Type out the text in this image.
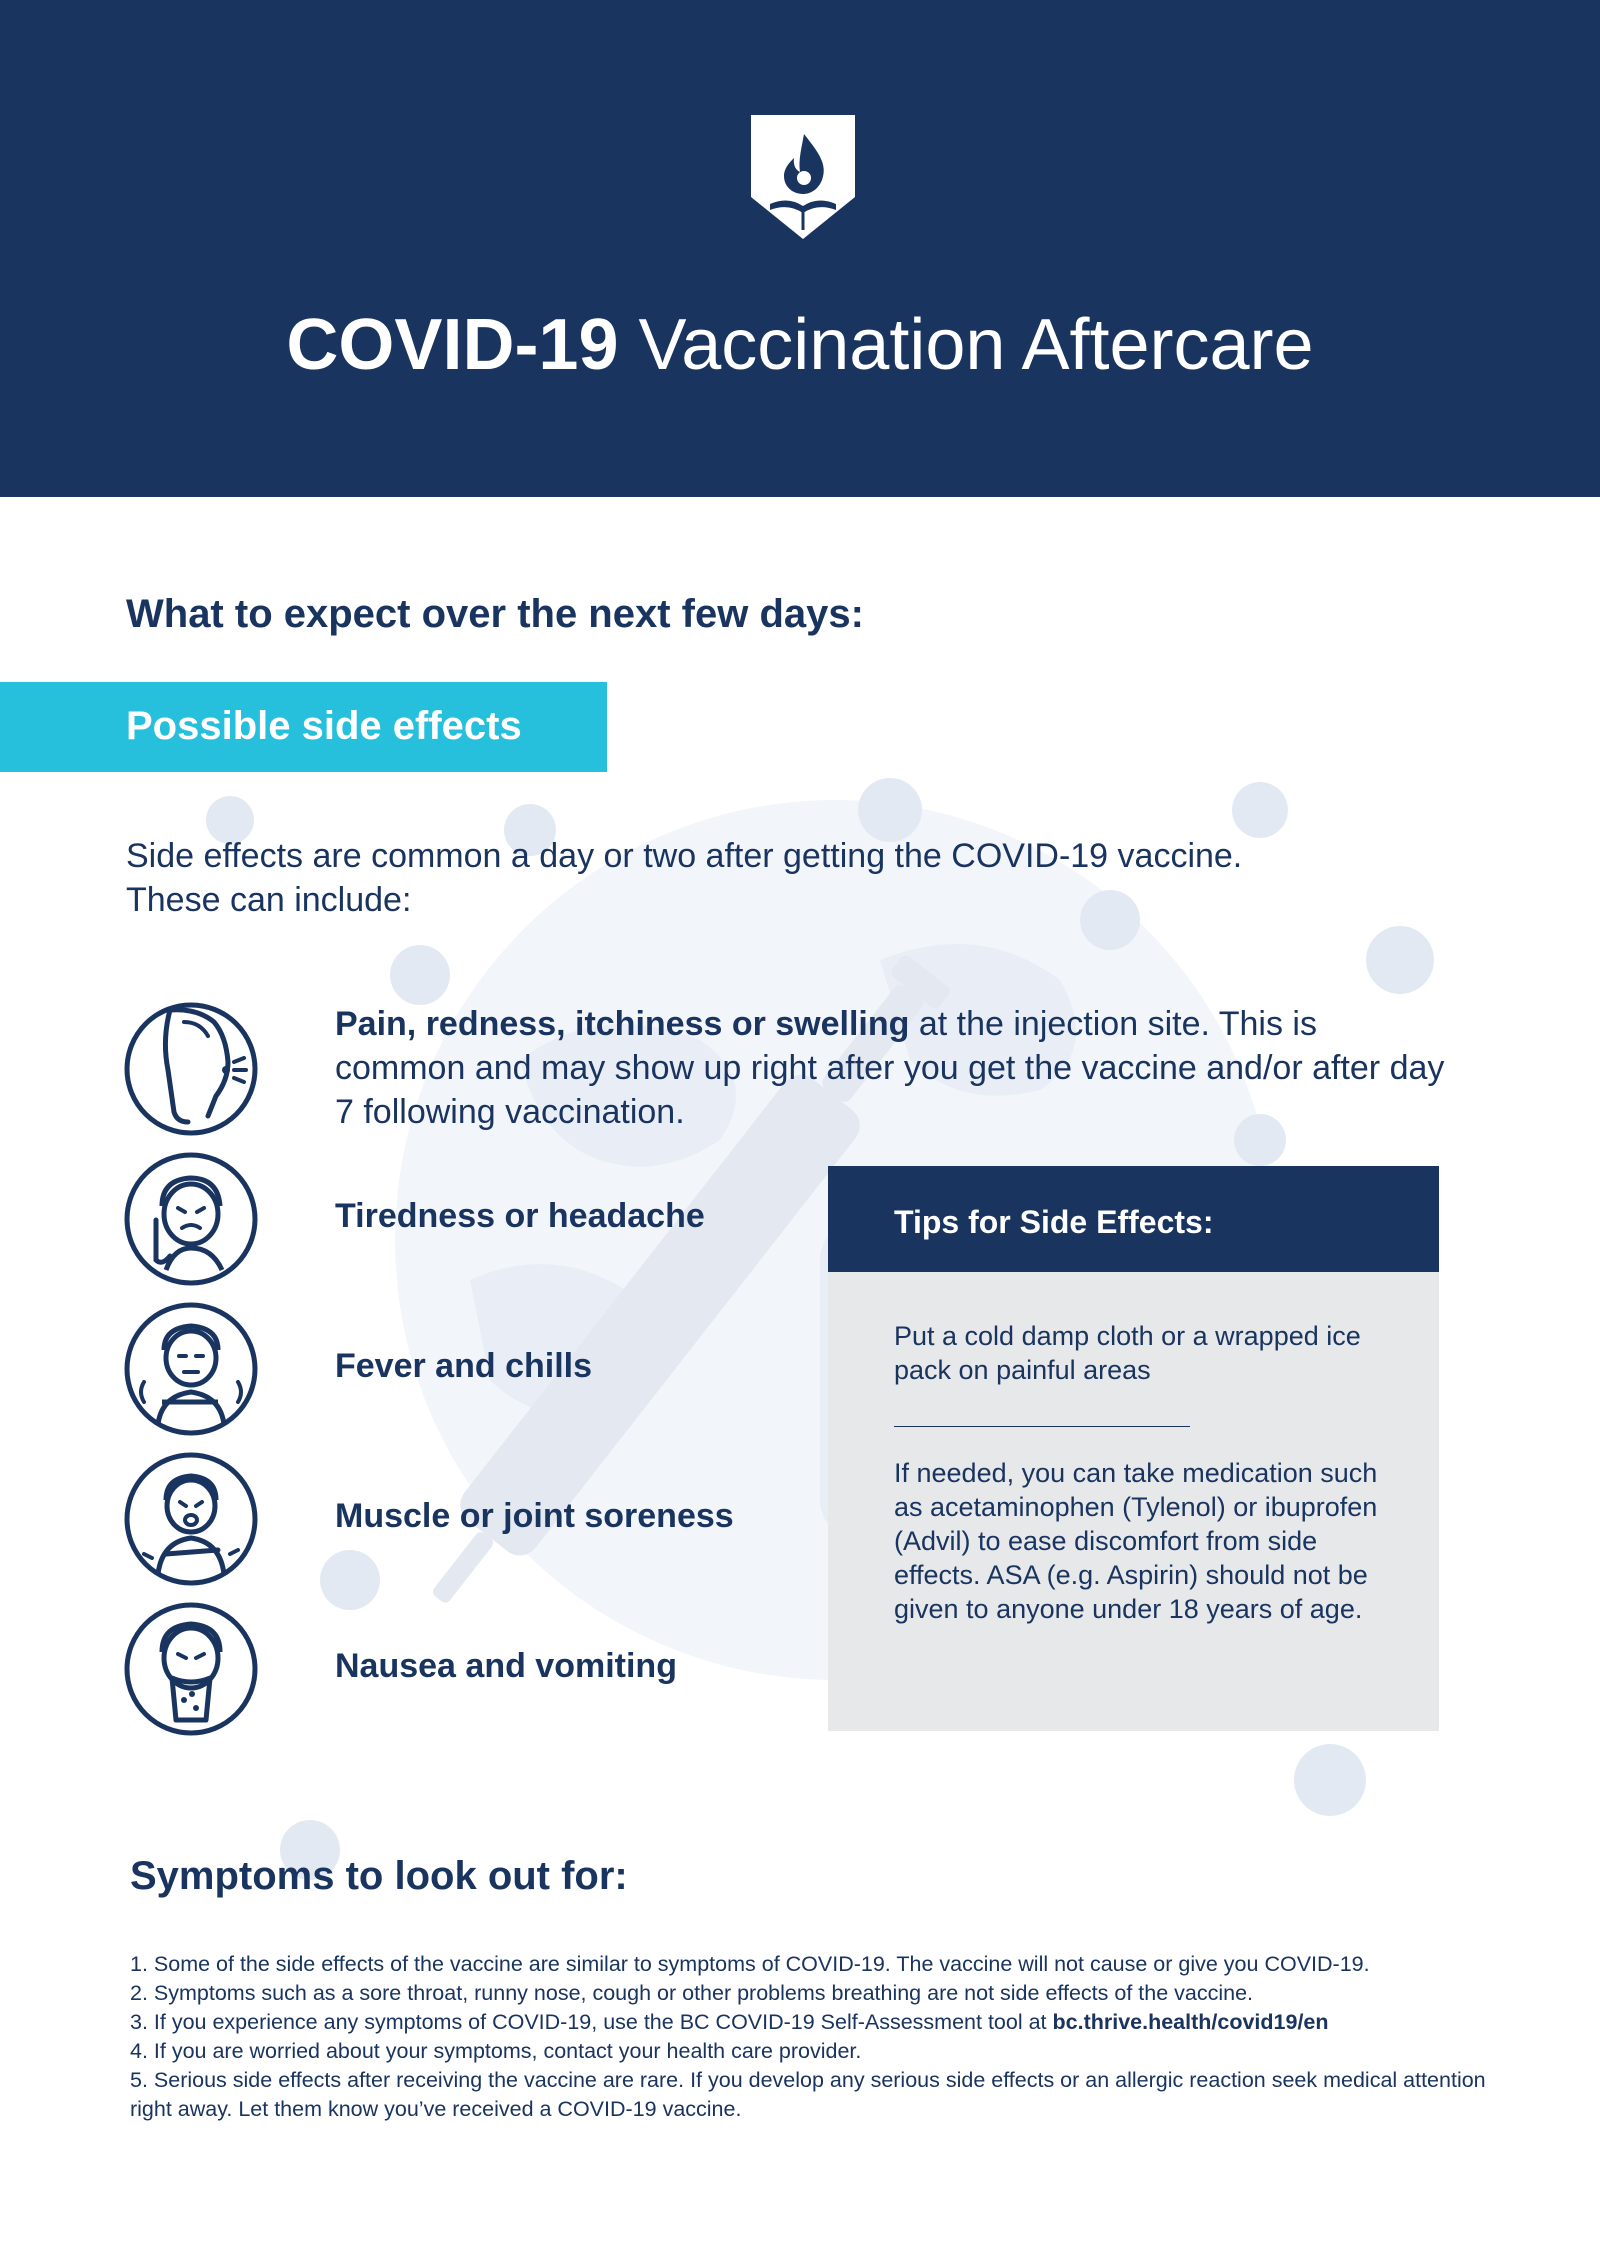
COVID-19 Vaccination Aftercare
What to expect over the next few days:
Possible side effects

Side effects are common a day or two after getting the COVID-19 vaccine.
These can include:

Pain, redness, itchiness or swelling at the injection site. This is common and may show up right after you get the vaccine and/or after day 7 following vaccination.

Tiredness or headache

Fever and chills

Muscle or joint soreness

Nausea and vomiting

Tips for Side Effects:

Put a cold damp cloth or a wrapped ice pack on painful areas

If needed, you can take medication such as acetaminophen (Tylenol) or ibuprofen (Advil) to ease discomfort from side effects. ASA (e.g. Aspirin) should not be given to anyone under 18 years of age.

Symptoms to look out for:
1. Some of the side effects of the vaccine are similar to symptoms of COVID-19. The vaccine will not cause or give you COVID-19.
2. Symptoms such as a sore throat, runny nose, cough or other problems breathing are not side effects of the vaccine.
3. If you experience any symptoms of COVID-19, use the BC COVID-19 Self-Assessment tool at bc.thrive.health/covid19/en
4. If you are worried about your symptoms, contact your health care provider.
5. Serious side effects after receiving the vaccine are rare. If you develop any serious side effects or an allergic reaction seek medical attention right away. Let them know you’ve received a COVID-19 vaccine.
